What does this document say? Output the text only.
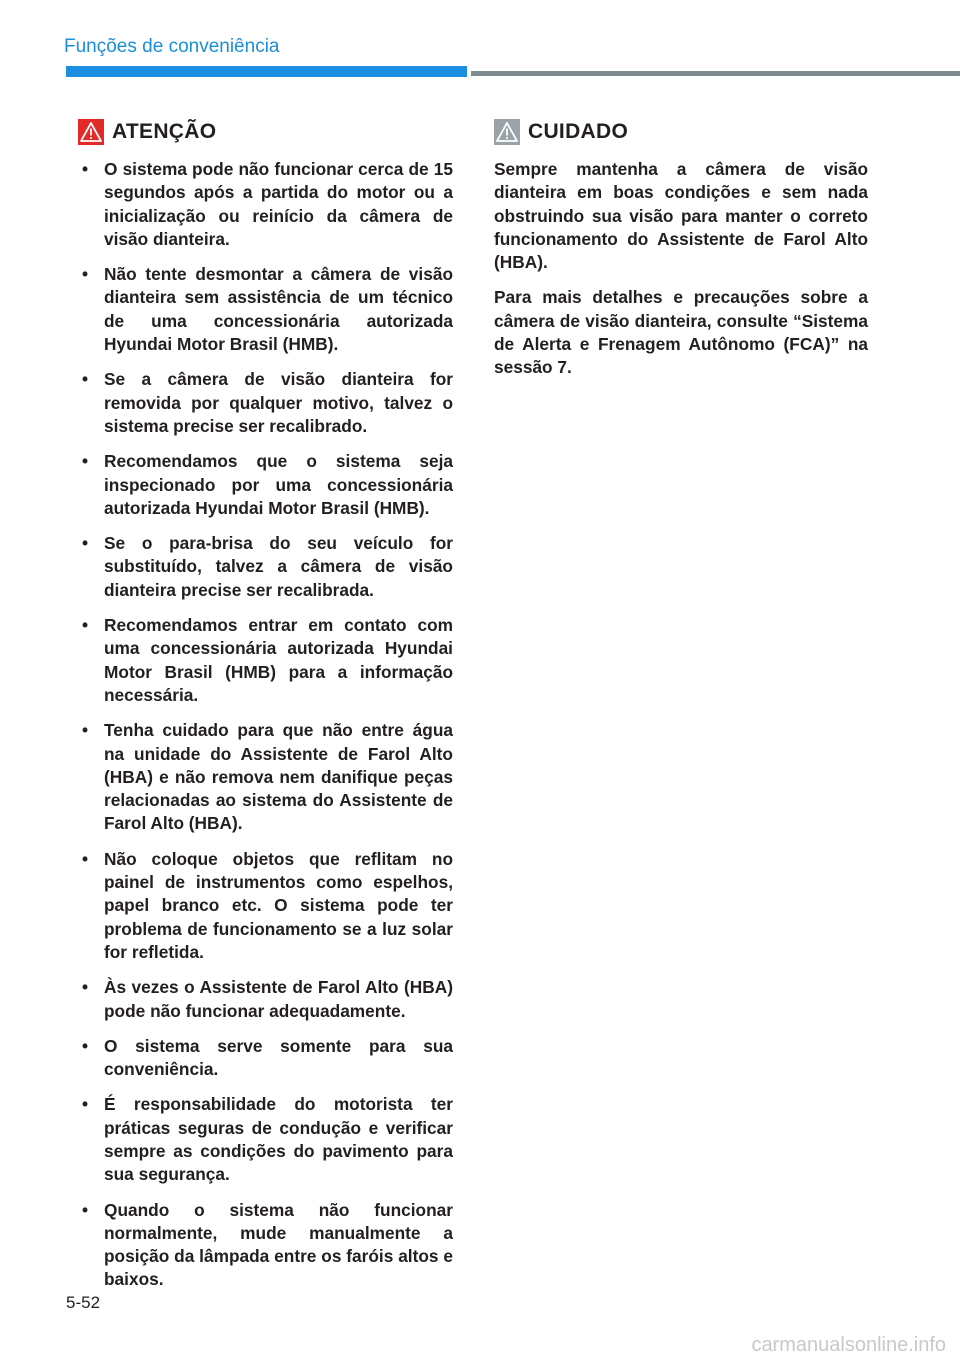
Funções de conveniência
ATENÇÃO
• O sistema pode não funcionar cerca de 15 segundos após a partida do motor ou a inicialização ou reinício da câmera de visão dianteira.
• Não tente desmontar a câmera de visão dianteira sem assistência de um técnico de uma concessionária autorizada Hyundai Motor Brasil (HMB).
• Se a câmera de visão dianteira for removida por qualquer motivo, talvez o sistema precise ser recalibrado.
• Recomendamos que o sistema seja inspecionado por uma concessionária autorizada Hyundai Motor Brasil (HMB).
• Se o para-brisa do seu veículo for substituído, talvez a câmera de visão dianteira precise ser recalibrada.
• Recomendamos entrar em contato com uma concessionária autorizada Hyundai Motor Brasil (HMB) para a informação necessária.
• Tenha cuidado para que não entre água na unidade do Assistente de Farol Alto (HBA) e não remova nem danifique peças relacionadas ao sistema do Assistente de Farol Alto (HBA).
• Não coloque objetos que reflitam no painel de instrumentos como espelhos, papel branco etc. O sistema pode ter problema de funcionamento se a luz solar for refletida.
• Às vezes o Assistente de Farol Alto (HBA) pode não funcionar adequadamente.
• O sistema serve somente para sua conveniência.
• É responsabilidade do motorista ter práticas seguras de condução e verificar sempre as condições do pavimento para sua segurança.
• Quando o sistema não funcionar normalmente, mude manualmente a posição da lâmpada entre os faróis altos e baixos.
CUIDADO

Sempre mantenha a câmera de visão dianteira em boas condições e sem nada obstruindo sua visão para manter o correto funcionamento do Assistente de Farol Alto (HBA).

Para mais detalhes e precauções sobre a câmera de visão dianteira, consulte “Sistema de Alerta e Frenagem Autônomo (FCA)” na sessão 7.

5-52
carmanualsonline.info
